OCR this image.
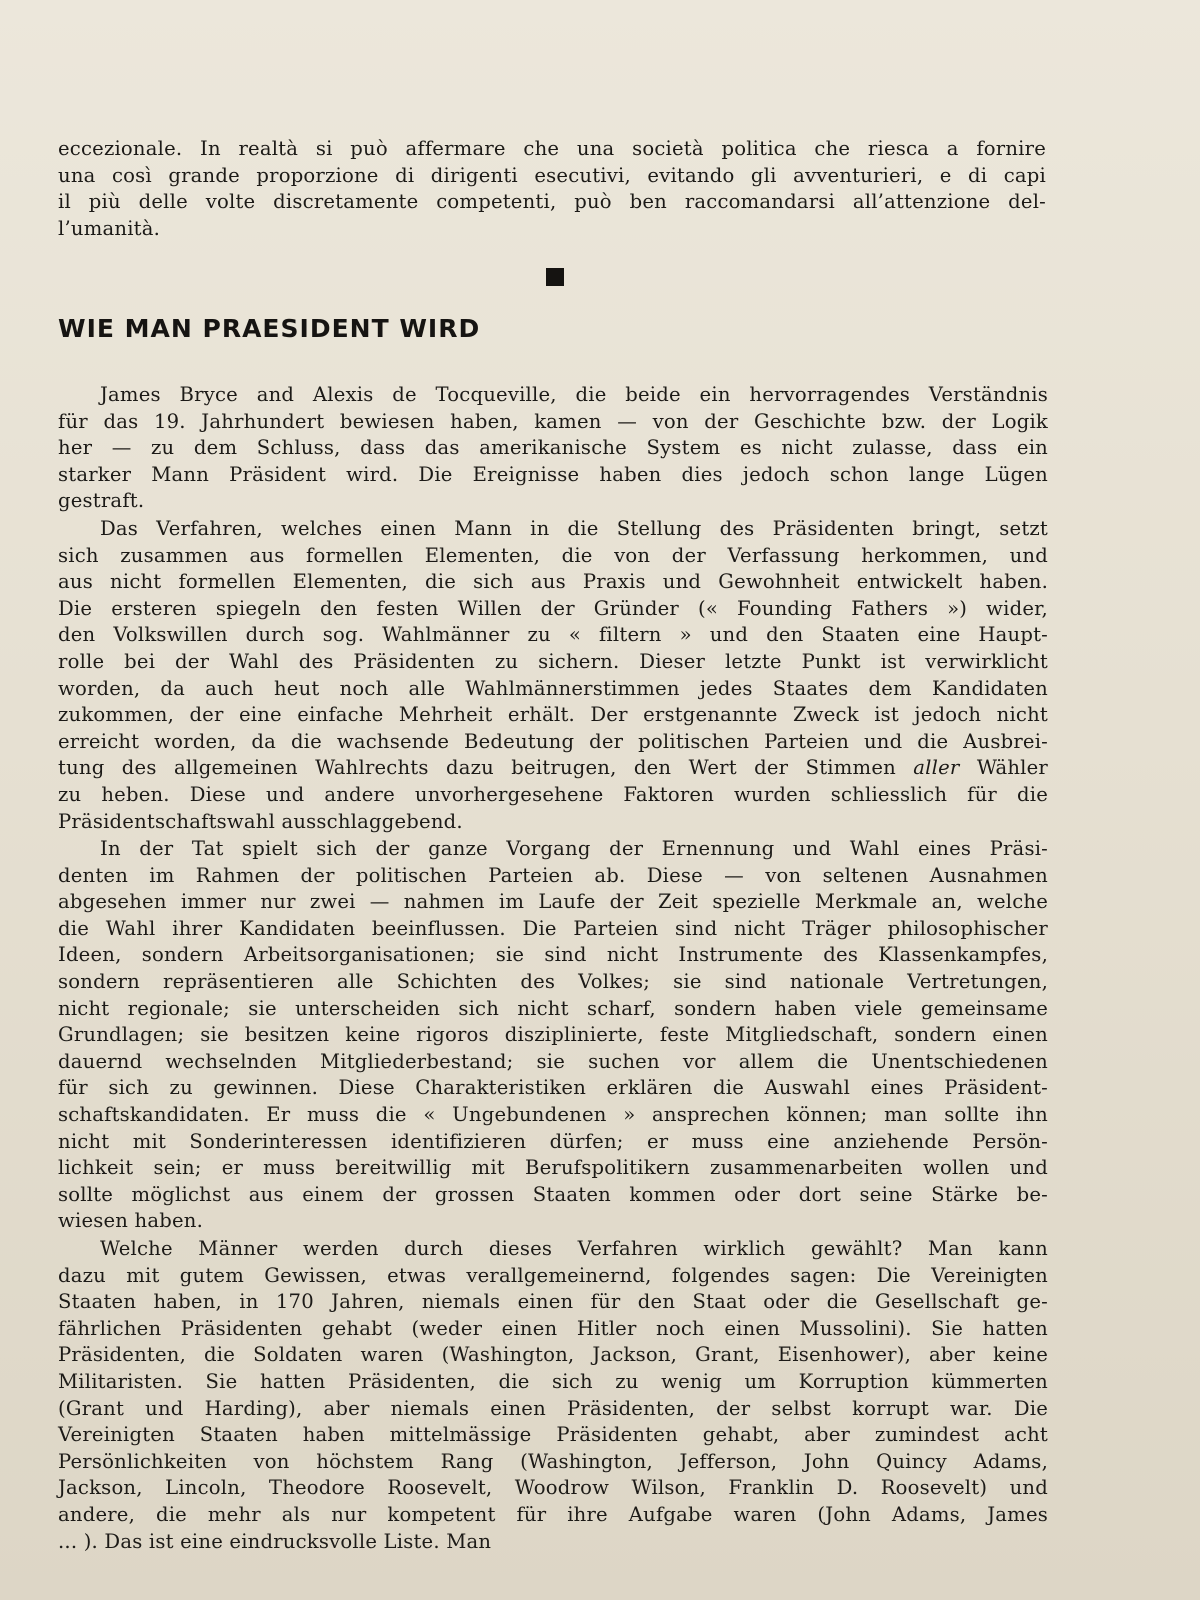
eccezionale. In realtà si può affermare che una società politica che riesca a fornire
una così grande proporzione di dirigenti esecutivi, evitando gli avventurieri, e di capi
il più delle volte discretamente competenti, può ben raccomandarsi all’attenzione del-
l’umanità.
WIE MAN PRAESIDENT WIRD
James Bryce and Alexis de Tocqueville, die beide ein hervorragendes Verständnis
für das 19. Jahrhundert bewiesen haben, kamen — von der Geschichte bzw. der Logik
her — zu dem Schluss, dass das amerikanische System es nicht zulasse, dass ein
starker Mann Präsident wird. Die Ereignisse haben dies jedoch schon lange Lügen
gestraft.
Das Verfahren, welches einen Mann in die Stellung des Präsidenten bringt, setzt
sich zusammen aus formellen Elementen, die von der Verfassung herkommen, und
aus nicht formellen Elementen, die sich aus Praxis und Gewohnheit entwickelt haben.
Die ersteren spiegeln den festen Willen der Gründer (« Founding Fathers ») wider,
den Volkswillen durch sog. Wahlmänner zu « filtern » und den Staaten eine Haupt-
rolle bei der Wahl des Präsidenten zu sichern. Dieser letzte Punkt ist verwirklicht
worden, da auch heut noch alle Wahlmännerstimmen jedes Staates dem Kandidaten
zukommen, der eine einfache Mehrheit erhält. Der erstgenannte Zweck ist jedoch nicht
erreicht worden, da die wachsende Bedeutung der politischen Parteien und die Ausbrei-
tung des allgemeinen Wahlrechts dazu beitrugen, den Wert der Stimmen aller Wähler
zu heben. Diese und andere unvorhergesehene Faktoren wurden schliesslich für die
Präsidentschaftswahl ausschlaggebend.
In der Tat spielt sich der ganze Vorgang der Ernennung und Wahl eines Präsi-
denten im Rahmen der politischen Parteien ab. Diese — von seltenen Ausnahmen
abgesehen immer nur zwei — nahmen im Laufe der Zeit spezielle Merkmale an, welche
die Wahl ihrer Kandidaten beeinflussen. Die Parteien sind nicht Träger philosophischer
Ideen, sondern Arbeitsorganisationen; sie sind nicht Instrumente des Klassenkampfes,
sondern repräsentieren alle Schichten des Volkes; sie sind nationale Vertretungen,
nicht regionale; sie unterscheiden sich nicht scharf, sondern haben viele gemeinsame
Grundlagen; sie besitzen keine rigoros disziplinierte, feste Mitgliedschaft, sondern einen
dauernd wechselnden Mitgliederbestand; sie suchen vor allem die Unentschiedenen
für sich zu gewinnen. Diese Charakteristiken erklären die Auswahl eines Präsident-
schaftskandidaten. Er muss die « Ungebundenen » ansprechen können; man sollte ihn
nicht mit Sonderinteressen identifizieren dürfen; er muss eine anziehende Persön-
lichkeit sein; er muss bereitwillig mit Berufspolitikern zusammenarbeiten wollen und
sollte möglichst aus einem der grossen Staaten kommen oder dort seine Stärke be-
wiesen haben.
Welche Männer werden durch dieses Verfahren wirklich gewählt? Man kann
dazu mit gutem Gewissen, etwas verallgemeinernd, folgendes sagen: Die Vereinigten
Staaten haben, in 170 Jahren, niemals einen für den Staat oder die Gesellschaft ge-
fährlichen Präsidenten gehabt (weder einen Hitler noch einen Mussolini). Sie hatten
Präsidenten, die Soldaten waren (Washington, Jackson, Grant, Eisenhower), aber keine
Militaristen. Sie hatten Präsidenten, die sich zu wenig um Korruption kümmerten
(Grant und Harding), aber niemals einen Präsidenten, der selbst korrupt war. Die
Vereinigten Staaten haben mittelmässige Präsidenten gehabt, aber zumindest acht
Persönlichkeiten von höchstem Rang (Washington, Jefferson, John Quincy Adams,
Jackson, Lincoln, Theodore Roosevelt, Woodrow Wilson, Franklin D. Roosevelt) und
andere, die mehr als nur kompetent für ihre Aufgabe waren (John Adams, James
... ). Das ist eine eindrucksvolle Liste. Man
